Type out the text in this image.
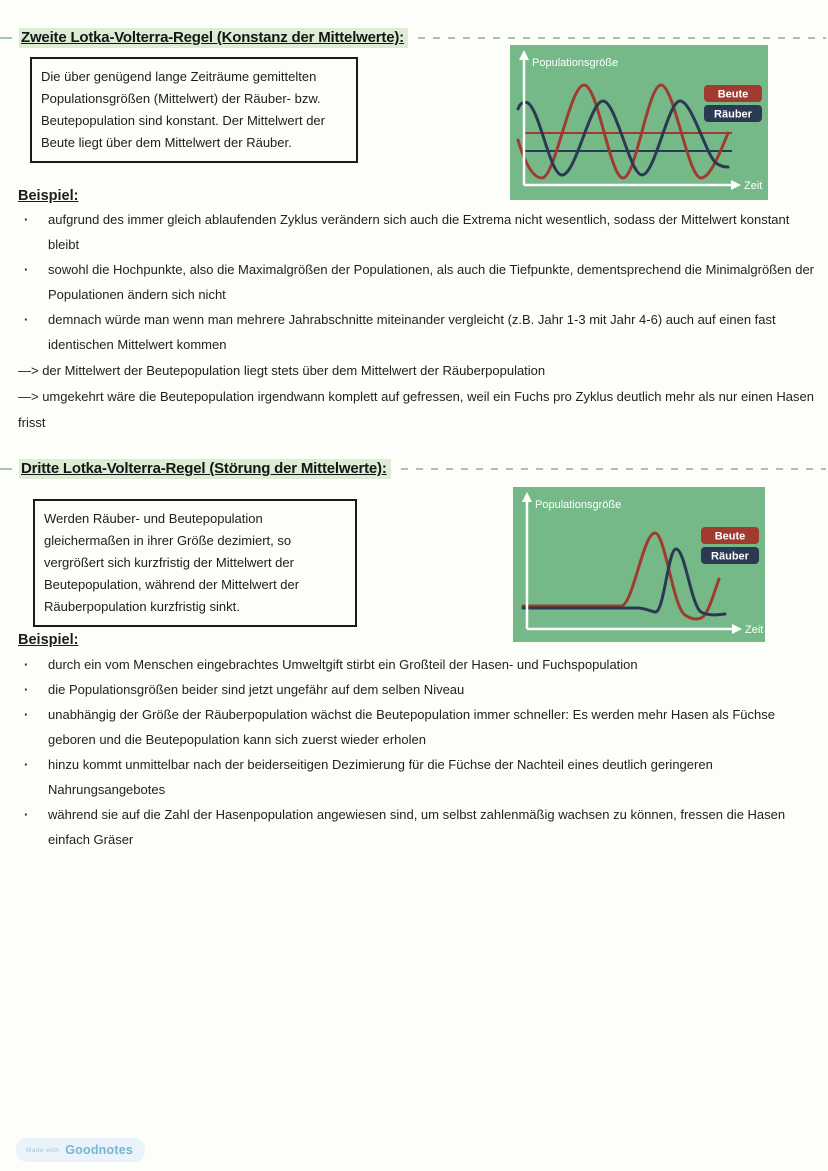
Zweite Lotka-Volterra-Regel (Konstanz der Mittelwerte):
Die über genügend lange Zeiträume gemittelten Populationsgrößen (Mittelwert) der Räuber- bzw. Beutepopulation sind konstant. Der Mittelwert der Beute liegt über dem Mittelwert der Räuber.
Populationsgröße
Zeit
Beute
Räuber
Beispiel:
· aufgrund des immer gleich ablaufenden Zyklus verändern sich auch die Extrema nicht wesentlich, sodass der Mittelwert konstant bleibt
· sowohl die Hochpunkte, also die Maximalgrößen der Populationen, als auch die Tiefpunkte, dementsprechend die Minimalgrößen der Populationen ändern sich nicht
· demnach würde man wenn man mehrere Jahrabschnitte miteinander vergleicht (z.B. Jahr 1-3 mit Jahr 4-6) auch auf einen fast identischen Mittelwert kommen

—> der Mittelwert der Beutepopulation liegt stets über dem Mittelwert der Räuberpopulation

—> umgekehrt wäre die Beutepopulation irgendwann komplett auf gefressen, weil ein Fuchs pro Zyklus deutlich mehr als nur einen Hasen frisst

Dritte Lotka-Volterra-Regel (Störung der Mittelwerte):
Werden Räuber- und Beutepopulation gleichermaßen in ihrer Größe dezimiert, so vergrößert sich kurzfristig der Mittelwert der Beutepopulation, während der Mittelwert der Räuberpopulation kurzfristig sinkt.
Populationsgröße
Zeit
Beute
Räuber
Beispiel:
· durch ein vom Menschen eingebrachtes Umweltgift stirbt ein Großteil der Hasen- und Fuchspopulation
· die Populationsgrößen beider sind jetzt ungefähr auf dem selben Niveau
· unabhängig der Größe der Räuberpopulation wächst die Beutepopulation immer schneller: Es werden mehr Hasen als Füchse geboren und die Beutepopulation kann sich zuerst wieder erholen
· hinzu kommt unmittelbar nach der beiderseitigen Dezimierung für die Füchse der Nachteil eines deutlich geringeren Nahrungsangebotes
· während sie auf die Zahl der Hasenpopulation angewiesen sind, um selbst zahlenmäßig wachsen zu können, fressen die Hasen einfach Gräser
Made with Goodnotes
